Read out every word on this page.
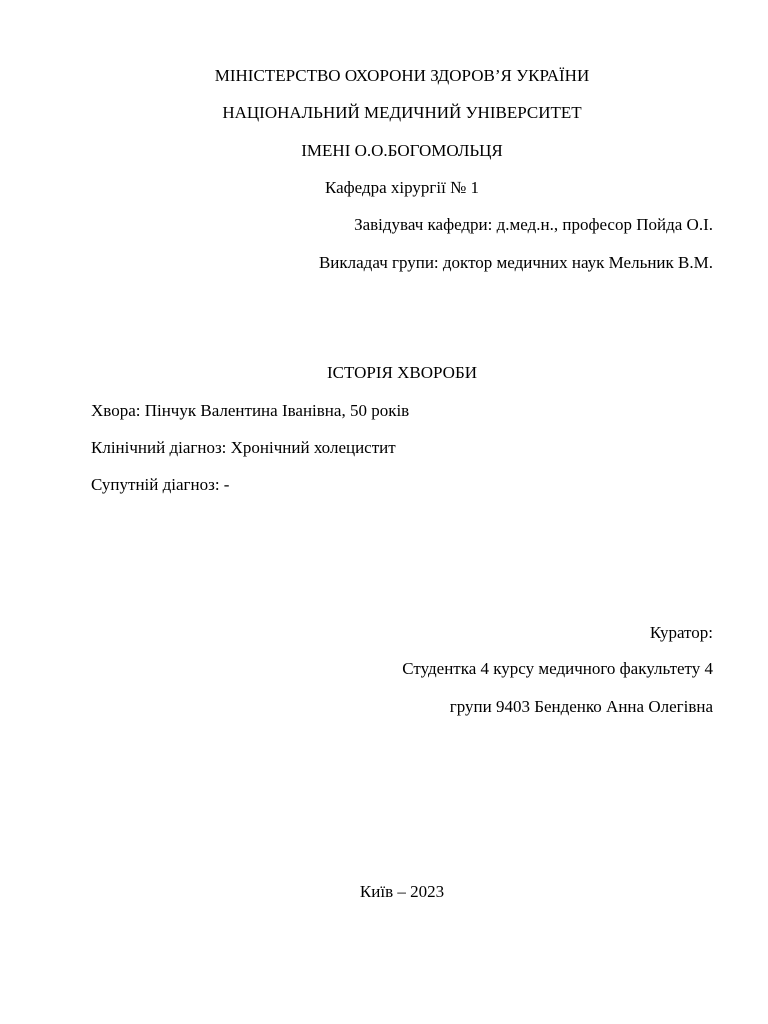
МІНІСТЕРСТВО ОХОРОНИ ЗДОРОВ’Я УКРАЇНИ
НАЦІОНАЛЬНИЙ МЕДИЧНИЙ УНІВЕРСИТЕТ
ІМЕНІ О.О.БОГОМОЛЬЦЯ
Кафедра хірургії № 1
Завідувач кафедри: д.мед.н., професор Пойда О.І.
Викладач групи: доктор медичних наук Мельник В.М.
ІСТОРІЯ ХВОРОБИ
Хвора: Пінчук Валентина Іванівна, 50 років
Клінічний діагноз: Хронічний холецистит
Супутній діагноз: -
Куратор:
Студентка 4 курсу медичного факультету 4
групи 9403 Бенденко Анна Олегівна
Київ – 2023
